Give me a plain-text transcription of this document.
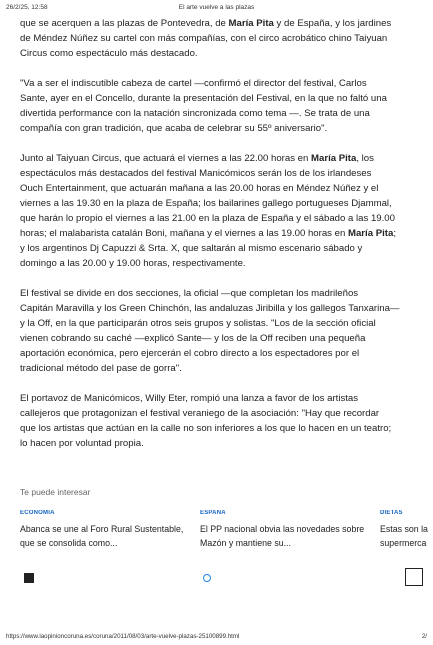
26/2/25, 12:58	El arte vuelve a las plazas

que se acerquen a las plazas de Pontevedra, de María Pita y de España, y los jardines
de Méndez Núñez su cartel con más compañías, con el circo acrobático chino Taiyuan
Circus como espectáculo más destacado.

"Va a ser el indiscutible cabeza de cartel —confirmó el director del festival, Carlos
Sante, ayer en el Concello, durante la presentación del Festival, en la que no faltó una
divertida performance con la natación sincronizada como tema —. Se trata de una
compañía con gran tradición, que acaba de celebrar su 55º aniversario".

Junto al Taiyuan Circus, que actuará el viernes a las 22.00 horas en María Pita, los
espectáculos más destacados del festival Manicómicos serán los de los irlandeses
Ouch Entertainment, que actuarán mañana a las 20.00 horas en Méndez Núñez y el
viernes a las 19.30 en la plaza de España; los bailarines gallego portugueses Djammal,
que harán lo propio el viernes a las 21.00 en la plaza de España y el sábado a las 19.00
horas; el malabarista catalán Boni, mañana y el viernes a las 19.00 horas en María Pita;
y los argentinos Dj Capuzzi & Srta. X, que saltarán al mismo escenario sábado y
domingo a las 20.00 y 19.00 horas, respectivamente.

El festival se divide en dos secciones, la oficial —que completan los madrileños
Capitán Maravilla y los Green Chinchón, las andaluzas Jiribilla y los gallegos Tanxarina—
y la Off, en la que participarán otros seis grupos y solistas. "Los de la sección oficial
vienen cobrando su caché —explicó Sante— y los de la Off reciben una pequeña
aportación económica, pero ejercerán el cobro directo a los espectadores por el
tradicional método del pase de gorra".

El portavoz de Manicómicos, Willy Eter, rompió una lanza a favor de los artistas
callejeros que protagonizan el festival veraniego de la asociación: "Hay que recordar
que los artistas que actúan en la calle no son inferiores a los que lo hacen en un teatro;
lo hacen por voluntad propia.

Te puede interesar
ECONOMÍA
Abanca se une al Foro Rural Sustentable,
que se consolida como...
ESPAÑA
El PP nacional obvia las novedades sobre
Mazón y mantiene su...
DIETAS
Estas son la
supermerca
https://www.laopinioncoruna.es/coruna/2011/08/03/arte-vuelve-plazas-25100899.html	2/
